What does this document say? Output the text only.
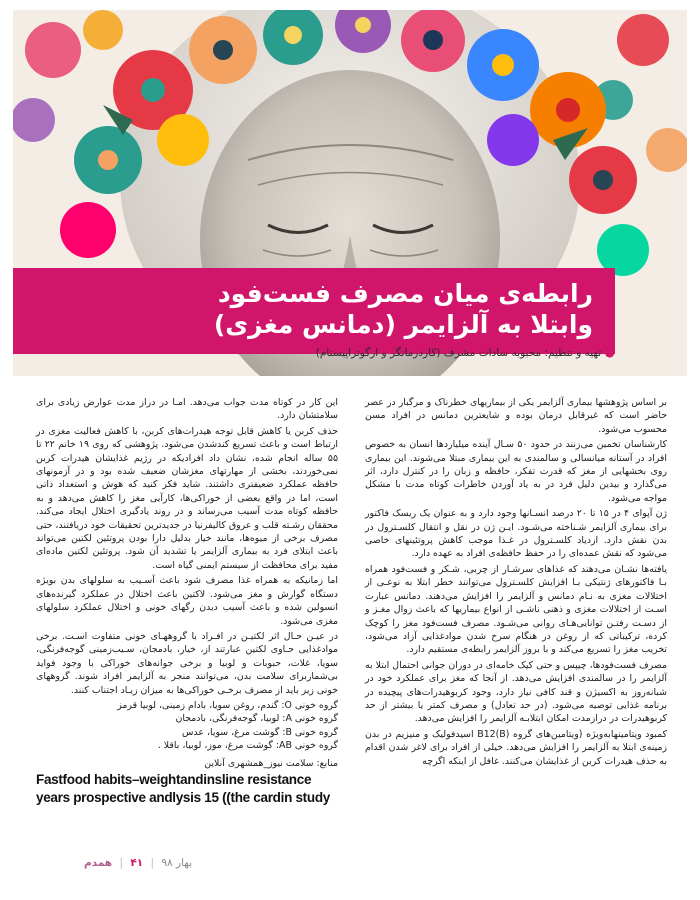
رابطه‌ی میان مصرف فست‌فود
وابتلا به آلزایمر (دمانس مغزی)
● تهیه و تنظیم: محبوبه سادات مشرف (کاردرمانگر و ارگوتراپیستام)

بر اساس پژوهشها بیماری آلزایمر یکی از بیماریهای خطرناک و مرگبار در عصر حاضر است که غیرقابل درمان بوده و شایعترین دمانس در افراد مسن محسوب می‌شود.

کارشناسان تخمین می‌زنند در حدود ۵۰ سـال آینده میلیاردها انسان به خصوص افراد در آستانه میانسالی و سالمندی به این بیماری مبتلا می‌شوند. این بیماری روی بخشهایی از مغز که قدرت تفکر، حافظه و زبان را در کنترل دارد، اثر می‌گذارد و بیدین دلیل فرد در به یاد آوردن خاطرات کوتاه مدت با مشکل مواجه می‌شود.

ژن آپوای ۴ در ۱۵ تا ۲۰ درصد انسـانها وجود دارد و به عنوان یک ریسک فاکتور برای بیماری آلزایمر شـناخته می‌شـود. ایـن ژن در نقل و انتقال کلسـترول در بدن نقش دارد. ازدیاد کلسـترول در غـذا موجب کاهش پروتئینهای خاصی می‌شود که نقش عمده‌ای را در حفظ حافظه‌ی افراد به عهده دارد.

یافته‌ها نشـان می‌دهند که غذاهای سرشـار از چربی، شـکر و فست‌فود همراه بـا فاکتورهای ژنتیکی بـا افزایش کلسـترول می‌توانند خطر ابتلا به نوعـی از اختلالات مغزی به نـام دمانس و آلزایمر را افزایش می‌دهند. دمانس عبارت اسـت از اختلالات مغزی و ذهنی ناشـی از انواع بیماریها که باعث زوال مغـز و از دسـت رفتـن توانایی‌هـای روانی می‌شـود. مصرف فست‌فود مغز را کوچک کرده، ترکیباتی که از روغن در هنگام سرخ شدن موادغذایی آزاد می‌شود، تخریب مغز را تسریع می‌کند و با بروز آلزایمر رابطه‌ی مستقیم دارد.

مصرف فست‌فودها، چیپس و حتی کیک خامه‌ای در دوران جوانی احتمال ابتلا به آلزایمر را در سالمندی افزایش می‌دهد. از آنجا که مغز برای عملکرد خود در شبانه‌روز به اکسیژن و قند کافی نیاز دارد، وجود کربوهیدرات‌های پیچیده در برنامه غذایی توصیه می‌شود. (در حد تعادل) و مصرف کمتر یا بیشتر از حد کربوهیدرات در درازمدت امکان ابتلابـه آلزایمر را افزایش می‌دهد.

کمبود ویتامینهابه‌ویژه (ویتامین‌های گروه B12(B) اسیدفولیک و منیزیم در بدن زمینه‌ی ابتلا به آلزایمر را افزایش می‌دهد. خیلی از افراد برای لاغر شدن اقدام به حذف هیدرات کربن از غذایشان می‌کنند. غافل از اینکه اگرچه

این کار در کوتاه مدت جواب می‌دهد. امـا در دراز مدت عوارض زیادی برای سلامتشان دارد.

حذف کربن یا کاهش قابل توجه هیدرات‌های کربن، با کاهش فعالیت مغزی در ارتباط است و باعث تسریع کندشدن می‌شود. پژوهشی که روی ۱۹ خانم ۲۲ تا ۵۵ ساله انجام شده، نشان داد افرادیکه در رژیم غذایشان هیدرات کربن نمی‌خوردند، بخشی از مهارتهای مغزشان ضعیف شده بود و در آزمونهای حافظه عملکرد ضعیفتری داشتند. شاید فکر کنید که هوش و استعداد ذاتی است، اما در واقع بعضی از خوراکی‌ها، کارآیی مغز را کاهش می‌دهد و به حافظه کوتاه مدت آسیب می‌رساند و در روند یادگیری اختلال ایجاد می‌کند. محققان رشـته قلب و عروق کالیفرنیا در جدیدترین تحقیقات خود دریافتند، حتی مصرف برخی از میوه‌ها، مانند خیار بدلیل دارا بودن پروتئین لکتین می‌تواند باعث ابتلای فرد به بیماری آلزایمر یا تشدید آن شود. پروتئین لکتین ماده‌ای مفید برای محافظت از سیستم ایمنی گیاه است.

اما زمانیکه به همراه غذا مصرف شود باعث آسـیب به سلولهای بدن بویژه دستگاه گوارش و مغز می‌شود. لاکتین باعث اختلال در عملکرد گیرنده‌های انسولین شده و باعث آسیب دیدن رگهای خونی و اختلال عملکرد سلولهای مغزی می‌شود.

در عیـن حـال اثر لکتیـن در افـراد با گروههـای خونی متفاوت اسـت. برخی موادغذایی حـاوی لکتین عبارتند از، خیار، بادمجان، سـیب‌زمینی گوجه‌فرنگی، سویا، غلات، حبوبات و لوبیا و برخی جوانه‌های خوراکی با وجود فواید بی‌شماربرای سلامت بدن، می‌توانند منجر به آلزایمر افراد شوند. گروههای خونی زیر باید از مصرف برخـی خوراکی‌ها به میزان زیـاد اجتناب کنند.

گروه خونی O: گندم، روغن سویا، بادام زمینی، لوبیا قرمز
گروه خونی A: لوبیا، گوجه‌فرنگی، بادمجان
گروه خونی B: گوشت مرغ، سویا، عدس
گروه خونی AB: گوشت مرغ، موز، لوبیا، باقلا .
منابع: سلامت نیوز_همشهری آنلاین
Fastfood habits–weightandinsline resistance
years prospective andlysis 15 ((the cardin study
بهار ۹۸ | ۴۱ | همدم
